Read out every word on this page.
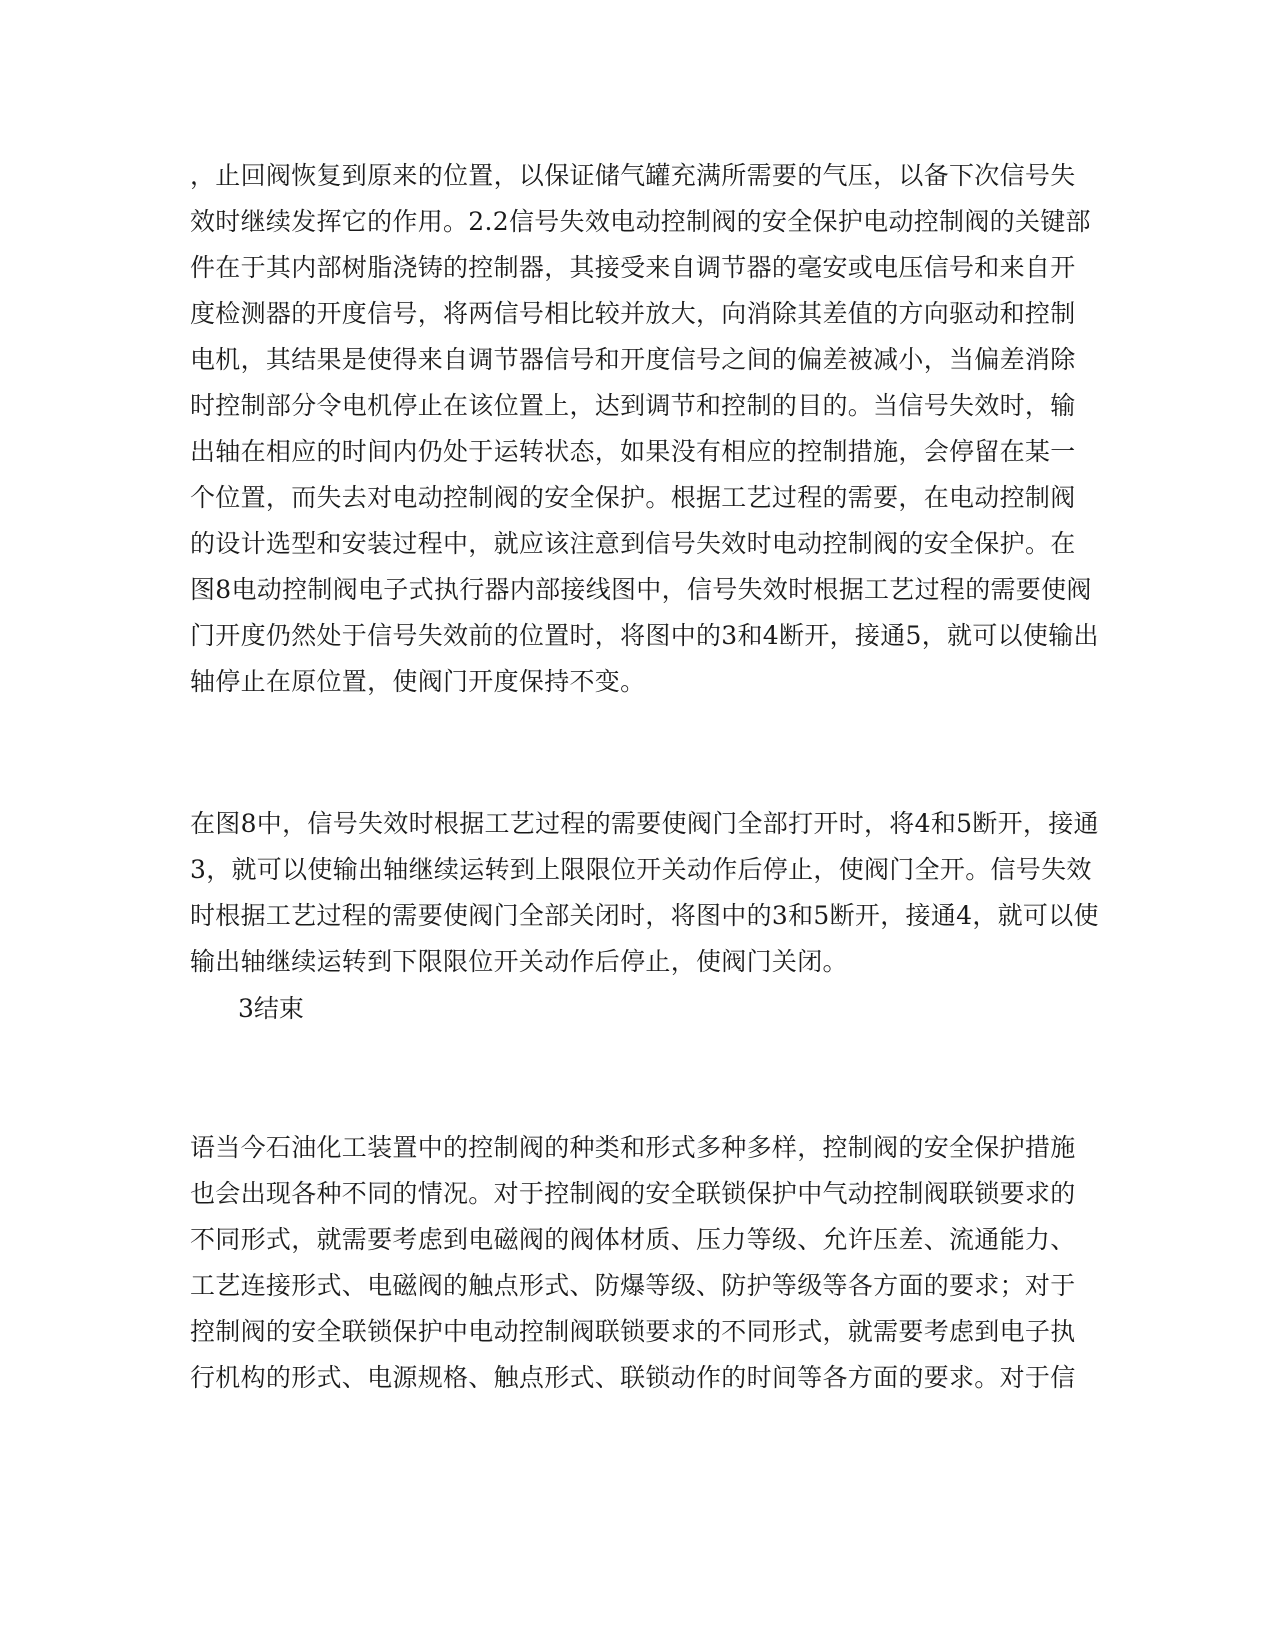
，止回阀恢复到原来的位置，以保证储气罐充满所需要的气压，以备下次信号失
效时继续发挥它的作用。2.2信号失效电动控制阀的安全保护电动控制阀的关键部
件在于其内部树脂浇铸的控制器，其接受来自调节器的毫安或电压信号和来自开
度检测器的开度信号，将两信号相比较并放大，向消除其差值的方向驱动和控制
电机，其结果是使得来自调节器信号和开度信号之间的偏差被减小，当偏差消除
时控制部分令电机停止在该位置上，达到调节和控制的目的。当信号失效时，输
出轴在相应的时间内仍处于运转状态，如果没有相应的控制措施，会停留在某一
个位置，而失去对电动控制阀的安全保护。根据工艺过程的需要，在电动控制阀
的设计选型和安装过程中，就应该注意到信号失效时电动控制阀的安全保护。在
图8电动控制阀电子式执行器内部接线图中，信号失效时根据工艺过程的需要使阀
门开度仍然处于信号失效前的位置时，将图中的3和4断开，接通5，就可以使输出
轴停止在原位置，使阀门开度保持不变。
在图8中，信号失效时根据工艺过程的需要使阀门全部打开时，将4和5断开，接通
3，就可以使输出轴继续运转到上限限位开关动作后停止，使阀门全开。信号失效
时根据工艺过程的需要使阀门全部关闭时，将图中的3和5断开，接通4，就可以使
输出轴继续运转到下限限位开关动作后停止，使阀门关闭。
3结束
语当今石油化工装置中的控制阀的种类和形式多种多样，控制阀的安全保护措施
也会出现各种不同的情况。对于控制阀的安全联锁保护中气动控制阀联锁要求的
不同形式，就需要考虑到电磁阀的阀体材质、压力等级、允许压差、流通能力、
工艺连接形式、电磁阀的触点形式、防爆等级、防护等级等各方面的要求；对于
控制阀的安全联锁保护中电动控制阀联锁要求的不同形式，就需要考虑到电子执
行机构的形式、电源规格、触点形式、联锁动作的时间等各方面的要求。对于信
